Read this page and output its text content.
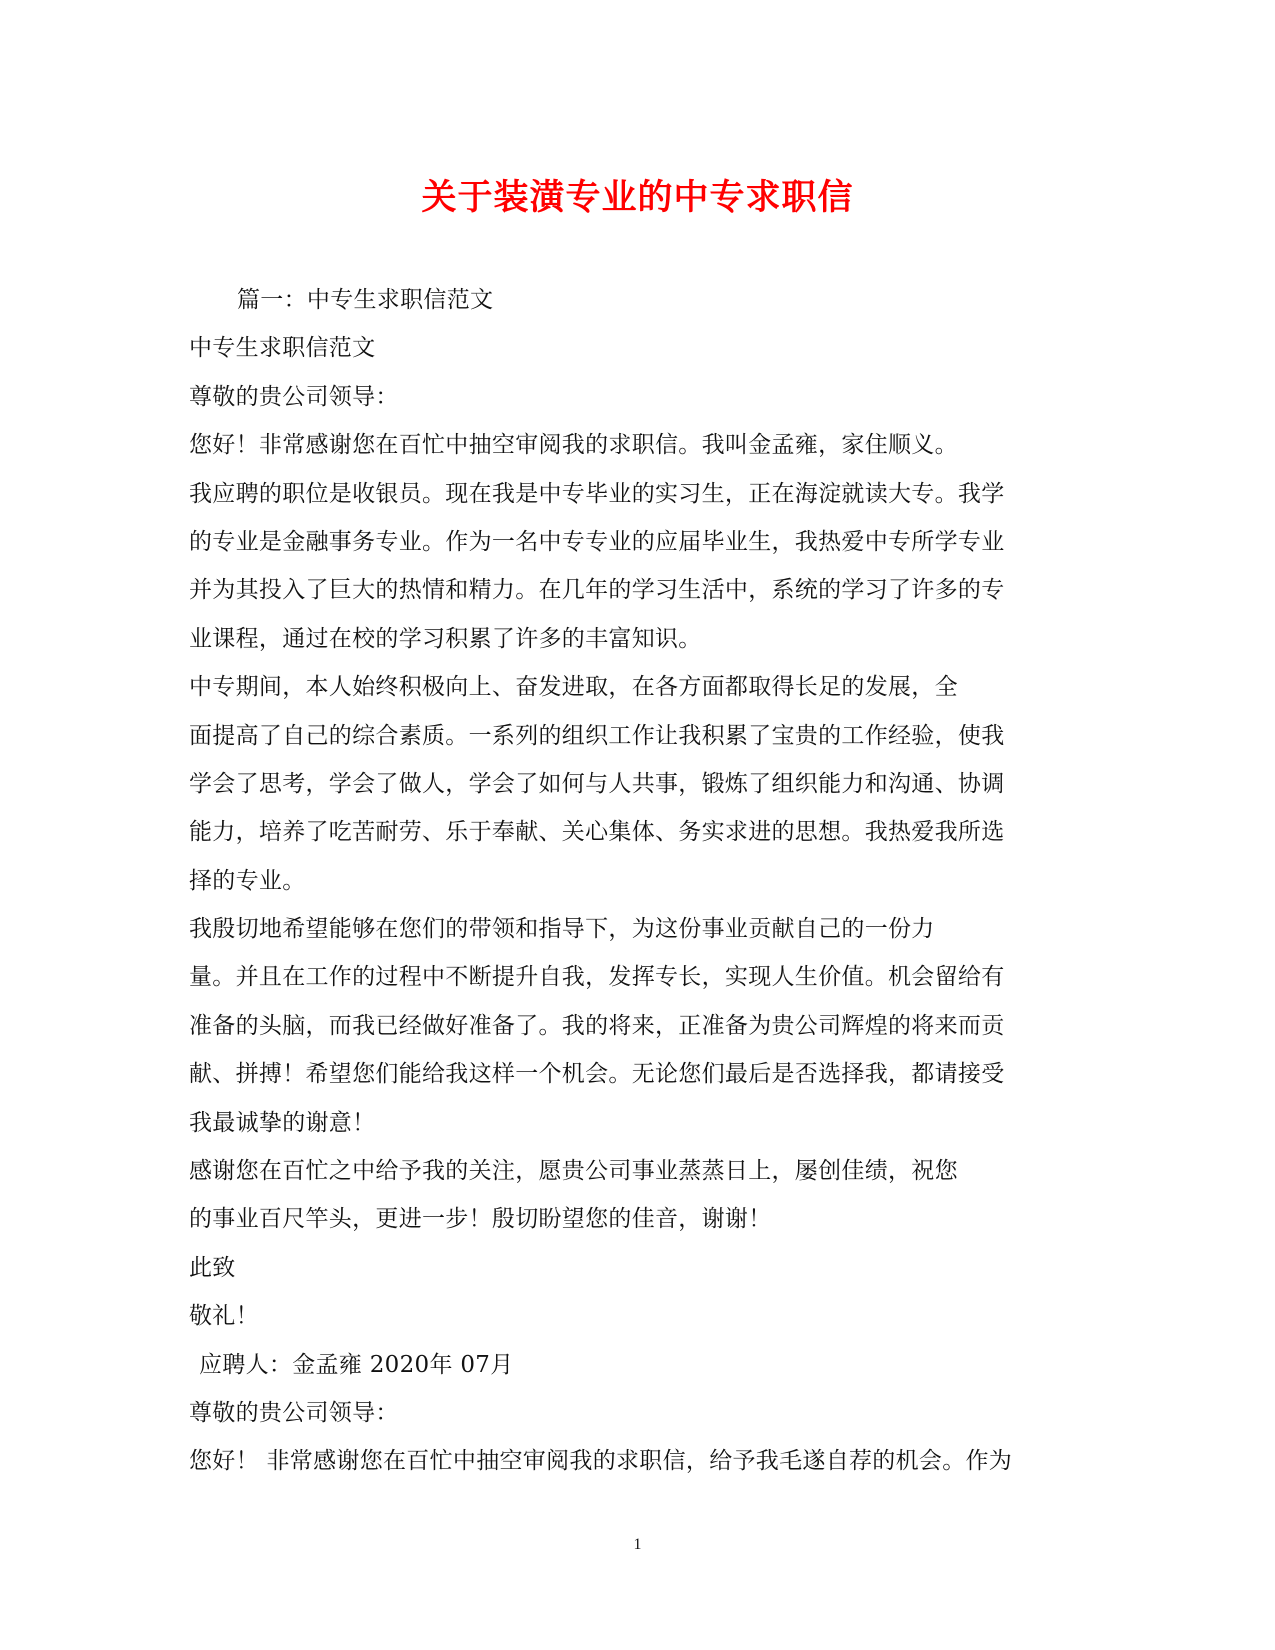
关于装潢专业的中专求职信
篇一：中专生求职信范文
中专生求职信范文
尊敬的贵公司领导：
您好！非常感谢您在百忙中抽空审阅我的求职信。我叫金孟雍，家住顺义。
我应聘的职位是收银员。现在我是中专毕业的实习生，正在海淀就读大专。我学
的专业是金融事务专业。作为一名中专专业的应届毕业生，我热爱中专所学专业
并为其投入了巨大的热情和精力。在几年的学习生活中，系统的学习了许多的专
业课程，通过在校的学习积累了许多的丰富知识。
中专期间，本人始终积极向上、奋发进取，在各方面都取得长足的发展，全
面提高了自己的综合素质。一系列的组织工作让我积累了宝贵的工作经验，使我
学会了思考，学会了做人，学会了如何与人共事，锻炼了组织能力和沟通、协调
能力，培养了吃苦耐劳、乐于奉献、关心集体、务实求进的思想。我热爱我所选
择的专业。
我殷切地希望能够在您们的带领和指导下，为这份事业贡献自己的一份力
量。并且在工作的过程中不断提升自我，发挥专长，实现人生价值。机会留给有
准备的头脑，而我已经做好准备了。我的将来，正准备为贵公司辉煌的将来而贡
献、拼搏！希望您们能给我这样一个机会。无论您们最后是否选择我，都请接受
我最诚挚的谢意！
感谢您在百忙之中给予我的关注，愿贵公司事业蒸蒸日上，屡创佳绩，祝您
的事业百尺竿头，更进一步！殷切盼望您的佳音，谢谢！
此致
敬礼！
应聘人：金孟雍 2020年 07月
尊敬的贵公司领导：
您好！ 非常感谢您在百忙中抽空审阅我的求职信，给予我毛遂自荐的机会。作为
1
